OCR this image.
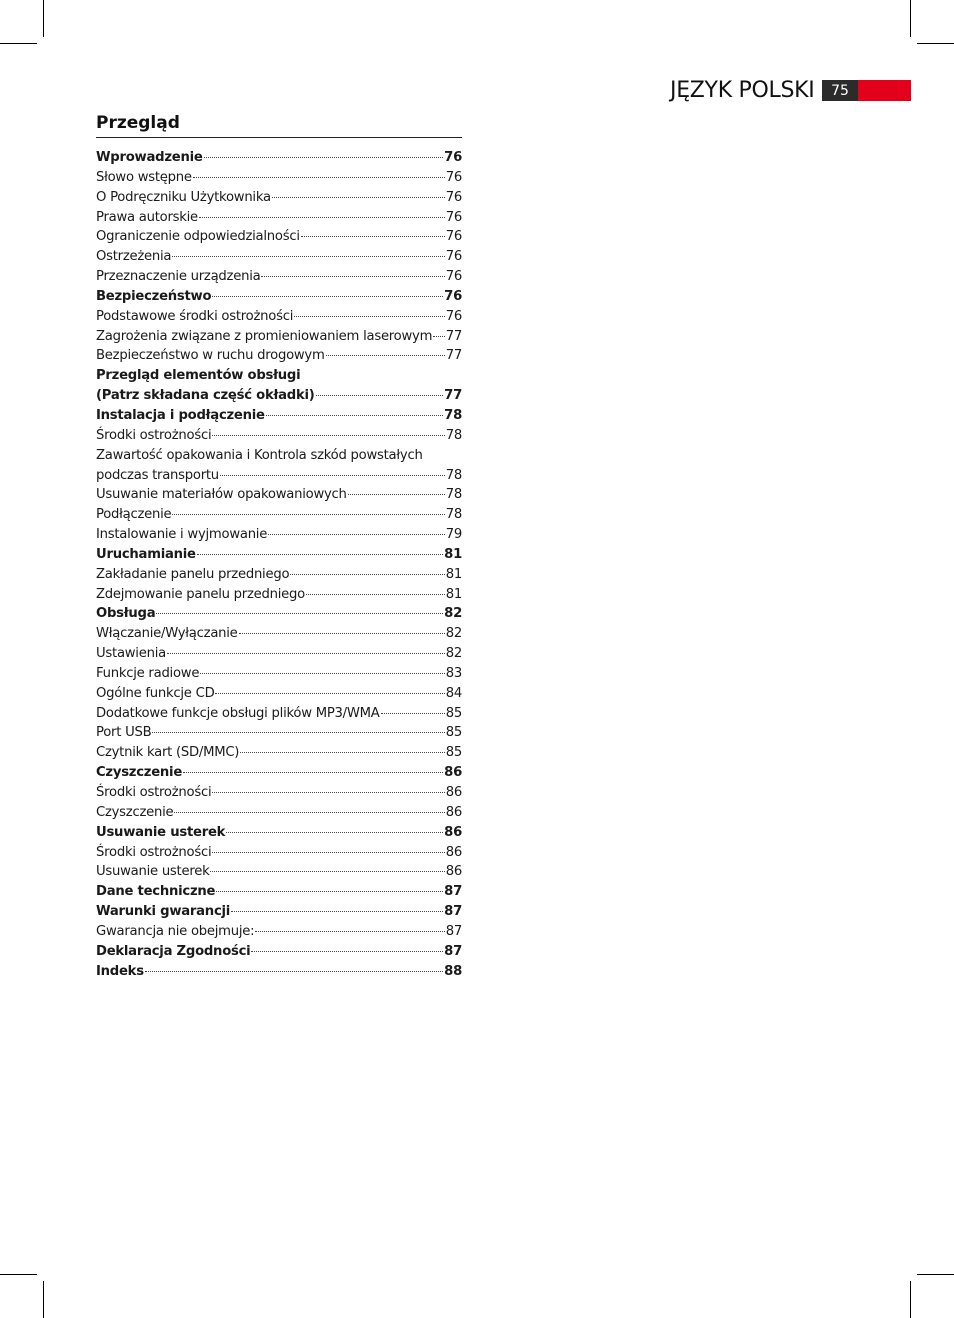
JĘZYK POLSKI	75
Przegląd
Wprowadzenie	76
Słowo wstępne	76
O Podręczniku Użytkownika	76
Prawa autorskie	76
Ograniczenie odpowiedzialności	76
Ostrzeżenia	76
Przeznaczenie urządzenia	76
Bezpieczeństwo	76
Podstawowe środki ostrożności	76
Zagrożenia związane z promieniowaniem laserowym 77
Bezpieczeństwo w ruchu drogowym	77
Przegląd elementów obsługi
(Patrz składana część okładki)	77
Instalacja i podłączenie	78
Środki ostrożności	78
Zawartość opakowania i Kontrola szkód powstałych
podczas transportu	78
Usuwanie materiałów opakowaniowych	78
Podłączenie	78
Instalowanie i wyjmowanie	79
Uruchamianie	81
Zakładanie panelu przedniego	81
Zdejmowanie panelu przedniego	81
Obsługa	82
Włączanie/Wyłączanie	82
Ustawienia	82
Funkcje radiowe	83
Ogólne funkcje CD	84
Dodatkowe funkcje obsługi plików MP3/WMA	85
Port USB	85
Czytnik kart (SD/MMC)	85
Czyszczenie	86
Środki ostrożności	86
Czyszczenie	86
Usuwanie usterek	86
Środki ostrożności	86
Usuwanie usterek	86
Dane techniczne	87
Warunki gwarancji	87
Gwarancja nie obejmuje:	87
Deklaracja Zgodności	87
Indeks	88
